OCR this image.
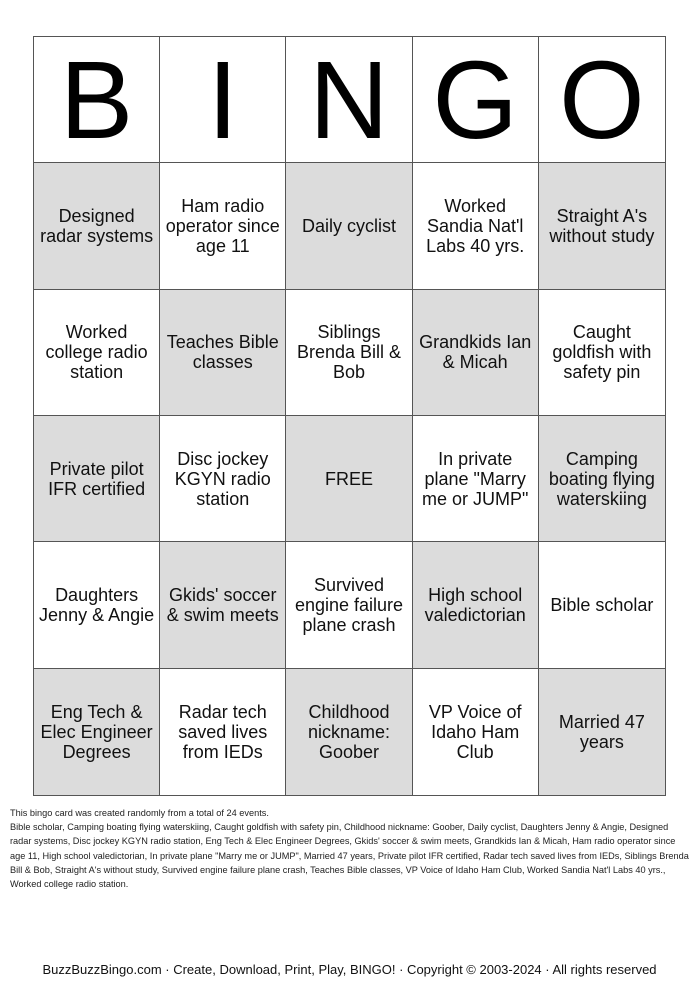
B I N G O
Designed radar systems
Ham radio operator since age 11
Daily cyclist
Worked Sandia Nat'l Labs 40 yrs.
Straight A's without study
Worked college radio station
Teaches Bible classes
Siblings Brenda Bill & Bob
Grandkids Ian & Micah
Caught goldfish with safety pin
Private pilot IFR certified
Disc jockey KGYN radio station
FREE
In private plane "Marry me or JUMP"
Camping boating flying waterskiing
Daughters Jenny & Angie
Gkids' soccer & swim meets
Survived engine failure plane crash
High school valedictorian	Bible scholar
Eng Tech & Elec Engineer Degrees
Radar tech saved lives from IEDs
Childhood nickname: Goober
VP Voice of Idaho Ham Club
Married 47 years

This bingo card was created randomly from a total of 24 events.

Bible scholar, Camping boating flying waterskiing, Caught goldfish with safety pin, Childhood nickname: Goober, Daily cyclist, Daughters Jenny & Angie, Designed radar systems, Disc jockey KGYN radio station, Eng Tech & Elec Engineer Degrees, Gkids' soccer & swim meets, Grandkids Ian & Micah, Ham radio operator since age 11, High school valedictorian, In private plane "Marry me or JUMP", Married 47 years, Private pilot IFR certified, Radar tech saved lives from IEDs, Siblings Brenda Bill & Bob, Straight A's without study, Survived engine failure plane crash, Teaches Bible classes, VP Voice of Idaho Ham Club, Worked Sandia Nat'l Labs 40 yrs., Worked college radio station.

BuzzBuzzBingo.com · Create, Download, Print, Play, BINGO! · Copyright © 2003-2024 · All rights reserved
